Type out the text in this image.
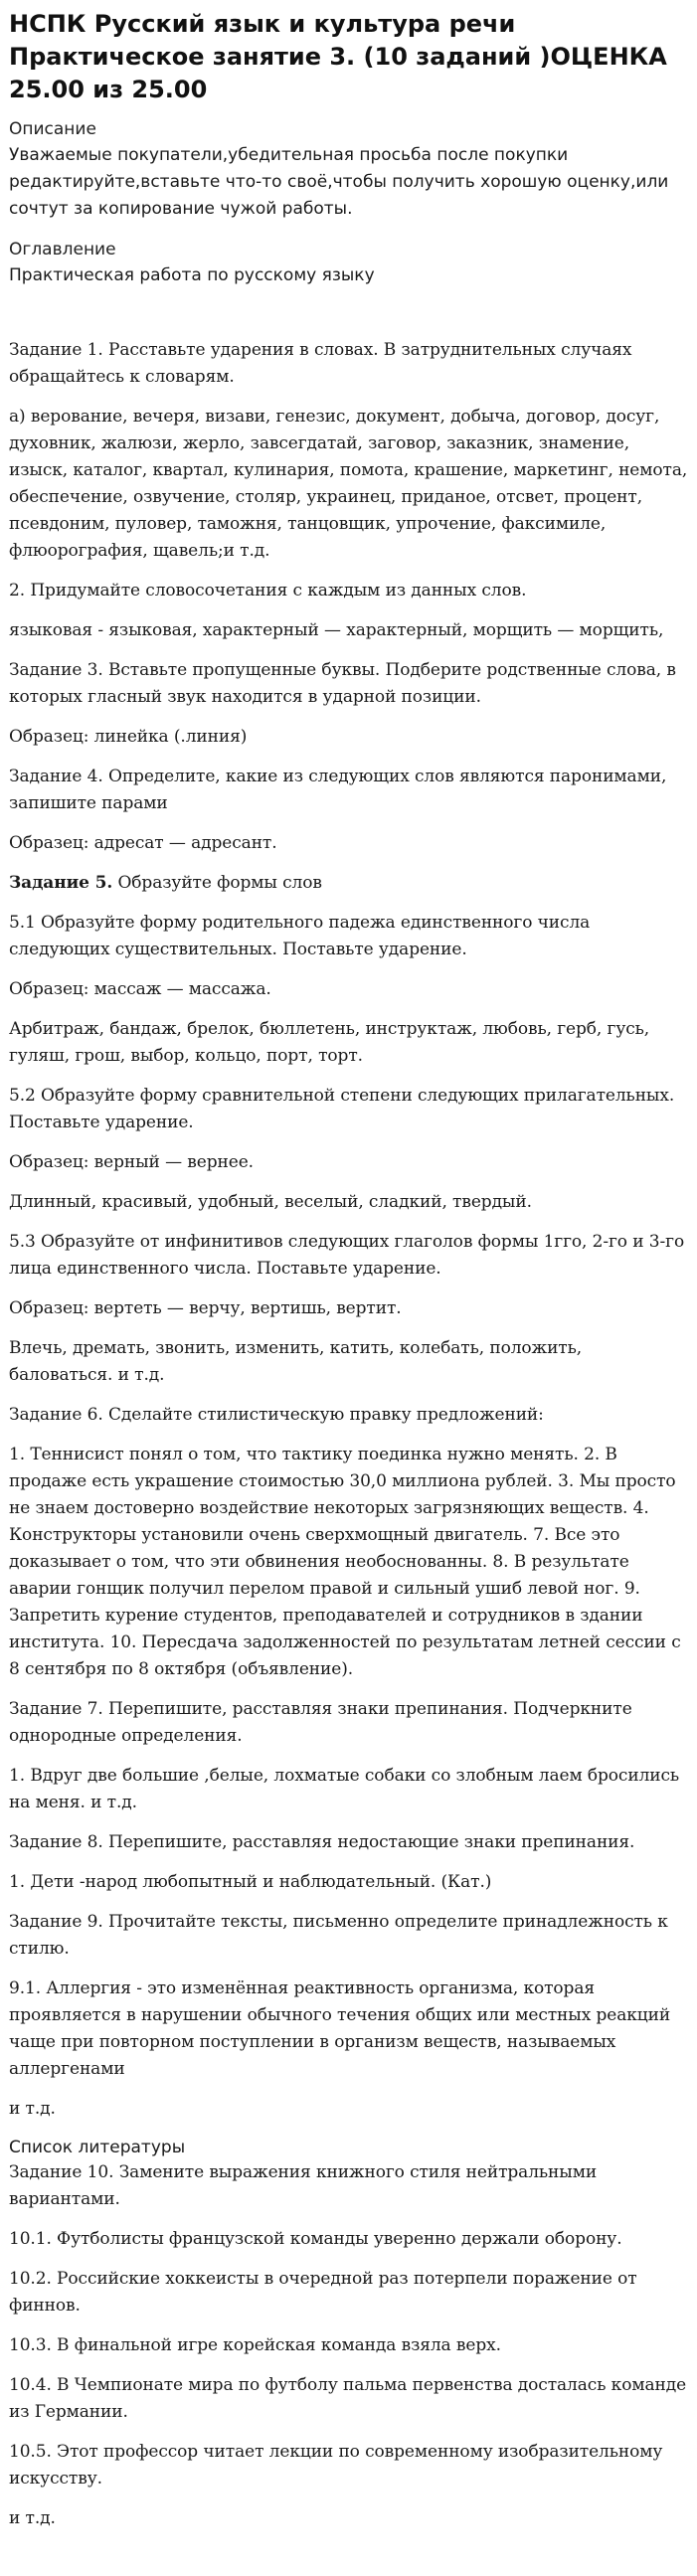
НСПК Русский язык и культура речи Практическое занятие 3. (10 заданий )ОЦЕНКА 25.00 из 25.00
Описание
Уважаемые покупатели,убедительная просьба после покупки редактируйте,вставьте что-то своё,чтобы получить хорошую оценку,или сочтут за копирование чужой работы.
Оглавление
Практическая работа по русскому языку

Задание 1. Расставьте ударения в словах. В затруднительных случаях обращайтесь к словарям.

а) верование, вечеря, визави, генезис, документ, добыча, договор, досуг, духовник, жалюзи, жерло, завсегдатай, заговор, заказник, знамение, изыск, каталог, квартал, кулинария, помота, крашение, маркетинг, немота, обеспечение, озвучение, столяр, украинец, приданое, отсвет, процент, псевдоним, пуловер, таможня, танцовщик, упрочение, факсимиле, флюорография, щавель;и т.д.

2. Придумайте словосочетания с каждым из данных слов.

языковая - языковая, характерный — характерный, морщить — морщить,

Задание 3. Вставьте пропущенные буквы. Подберите родственные слова, в которых гласный звук находится в ударной позиции.

Образец: линейка (.линия)

Задание 4. Определите, какие из следующих слов являются паронимами, запишите парами

Образец: адресат — адресант.

Задание 5. Образуйте формы слов

5.1 Образуйте форму родительного падежа единственного числа следующих существительных. Поставьте ударение.

Образец: массаж — массажа.

Арбитраж, бандаж, брелок, бюллетень, инструктаж, любовь, герб, гусь, гуляш, грош, выбор, кольцо, порт, торт.

5.2 Образуйте форму сравнительной степени следующих прилагательных. Поставьте ударение.

Образец: верный — вернее.

Длинный, красивый, удобный, веселый, сладкий, твердый.

5.3 Образуйте от инфинитивов следующих глаголов формы 1гго, 2-го и 3-го лица единственного числа. Поставьте ударение.

Образец: вертеть — верчу, вертишь, вертит.

Влечь, дремать, звонить, изменить, катить, колебать, положить, баловаться. и т.д.

Задание 6. Сделайте стилистическую правку предложений:

1. Теннисист понял о том, что тактику поединка нужно менять. 2. В продаже есть украшение стоимостью 30,0 миллиона рублей. 3. Мы просто не знаем достоверно воздействие некоторых загрязняющих веществ. 4. Конструкторы установили очень сверхмощный двигатель. 7. Все это доказывает о том, что эти обвинения необоснованны. 8. В результате аварии гонщик получил перелом правой и сильный ушиб левой ног. 9. Запретить курение студентов, преподавателей и сотрудников в здании института. 10. Пересдача задолженностей по результатам летней сессии с 8 сентября по 8 октября (объявление).

Задание 7. Перепишите, расставляя знаки препинания. Подчеркните однородные определения.

1. Вдруг две большие ,белые, лохматые собаки со злобным лаем бросились на меня. и т.д.

Задание 8. Перепишите, расставляя недостающие знаки препинания.

1. Дети -народ любопытный и наблюдательный. (Кат.)

Задание 9. Прочитайте тексты, письменно определите принадлежность к стилю.

9.1. Аллергия - это изменённая реактивность организма, которая проявляется в нарушении обычного течения общих или местных реакций чаще при повторном поступлении в организм веществ, называемых аллергенами

и т.д.

Список литературы

Задание 10. Замените выражения книжного стиля нейтральными вариантами.

10.1. Футболисты французской команды уверенно держали оборону.

10.2. Российские хоккеисты в очередной раз потерпели поражение от финнов.

10.3. В финальной игре корейская команда взяла верх.

10.4. В Чемпионате мира по футболу пальма первенства досталась команде из Германии.

10.5. Этот профессор читает лекции по современному изобразительному искусству.

и т.д.
